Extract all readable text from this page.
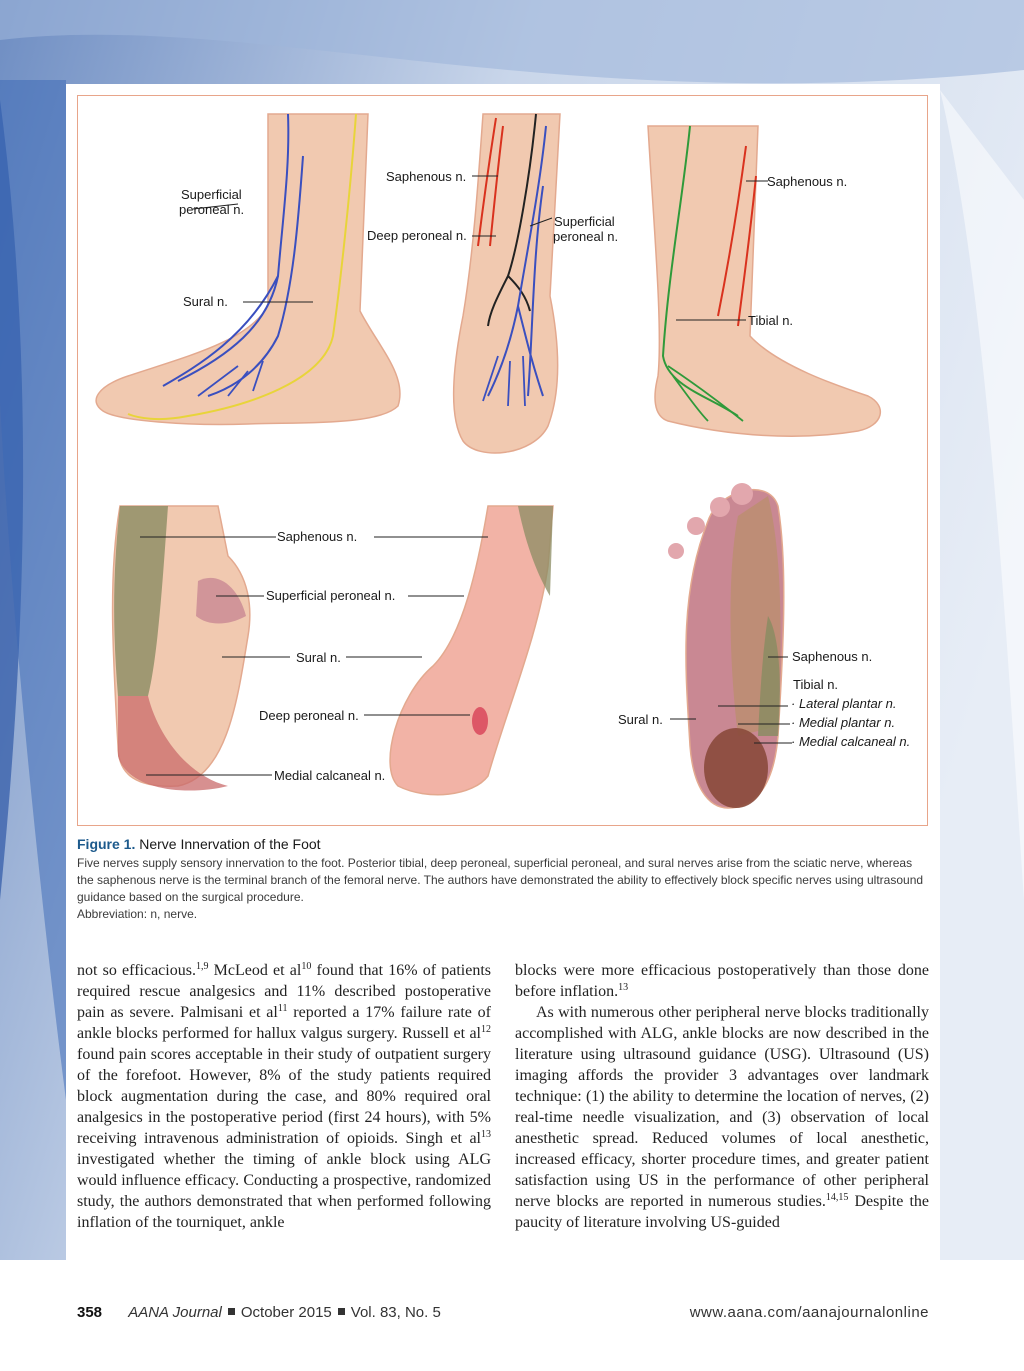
Superficial
peroneal n.
Sural n.
Saphenous n.
Deep peroneal n.
Superficial
peroneal n.
Saphenous n.
Tibial n.
Saphenous n.
Superficial peroneal n.
Sural n.
Deep peroneal n.
Medial calcaneal n.
Saphenous n.
Tibial n.
· Lateral plantar n.
· Medial plantar n.
· Medial calcaneal n.
Sural n.

Figure 1. Nerve Innervation of the Foot

Five nerves supply sensory innervation to the foot. Posterior tibial, deep peroneal, superficial peroneal, and sural nerves arise from the sciatic nerve, whereas the saphenous nerve is the terminal branch of the femoral nerve. The authors have demonstrated the ability to effectively block specific nerves using ultrasound guidance based on the surgical procedure.

Abbreviation: n, nerve.

not so efficacious.$^{1,9}$ McLeod et $al^{10}$ found that 16% of patients required rescue analgesics and 11% described postoperative pain as severe. Palmisani et $al^{11}$ reported a 17% failure rate of ankle blocks performed for hallux valgus surgery. Russell et $al^{12}$ found pain scores acceptable in their study of outpatient surgery of the forefoot. However, 8% of the study patients required block augmentation during the case, and 80% required oral analgesics in the postoperative period (first 24 hours), with 5% receiving intravenous administration of opioids. Singh et $al^{13}$ investigated whether the timing of ankle block using ALG would influence efficacy. Conducting a prospective, randomized study, the authors demonstrated that when performed following inflation of the tourniquet, ankle

blocks were more efficacious postoperatively than those done before inflation.$^{13}$

As with numerous other peripheral nerve blocks traditionally accomplished with ALG, ankle blocks are now described in the literature using ultrasound guidance (USG). Ultrasound (US) imaging affords the provider 3 advantages over landmark technique: (1) the ability to determine the location of nerves, (2) real-time needle visualization, and (3) observation of local anesthetic spread. Reduced volumes of local anesthetic, increased efficacy, shorter procedure times, and greater patient satisfaction using US in the performance of other peripheral nerve blocks are reported in numerous studies.$^{14,15}$ Despite the paucity of literature involving US-guided

358 AANA Journal October 2015 Vol. 83, No. 5	www.aana.com/aanajournalonline
